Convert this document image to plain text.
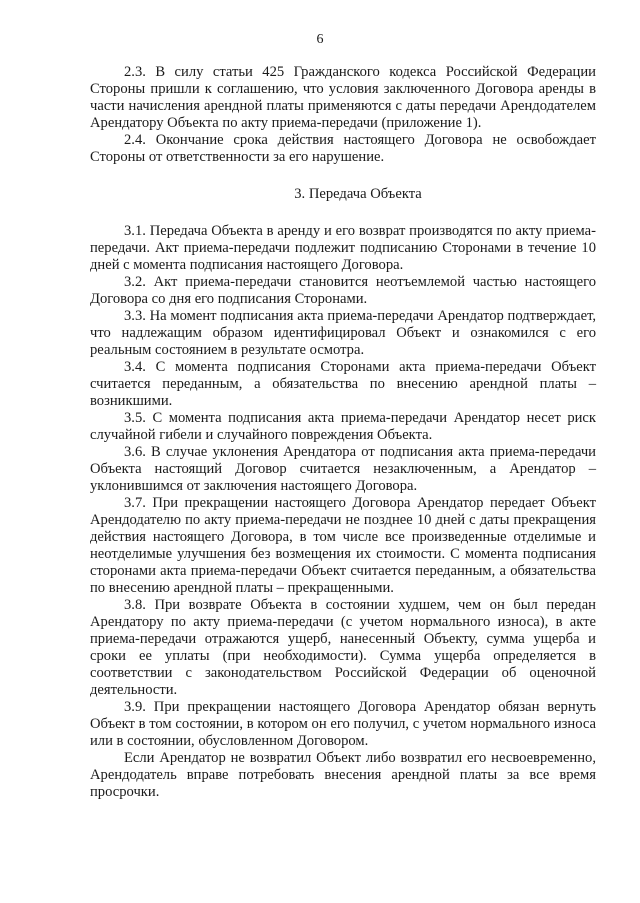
6

2.3. В силу статьи 425 Гражданского кодекса Российской Федерации Стороны пришли к соглашению, что условия заключенного Договора аренды в части начисления арендной платы применяются с даты передачи Арендодателем Арендатору Объекта по акту приема-передачи (приложение 1).

2.4. Окончание срока действия настоящего Договора не освобождает Стороны от ответственности за его нарушение.

3. Передача Объекта

3.1. Передача Объекта в аренду и его возврат производятся по акту приема-передачи. Акт приема-передачи подлежит подписанию Сторонами в течение 10 дней с момента подписания настоящего Договора.

3.2. Акт приема-передачи становится неотъемлемой частью настоящего Договора со дня его подписания Сторонами.

3.3. На момент подписания акта приема-передачи Арендатор подтверждает, что надлежащим образом идентифицировал Объект и ознакомился с его реальным состоянием в результате осмотра.

3.4. С момента подписания Сторонами акта приема-передачи Объект считается переданным, а обязательства по внесению арендной платы – возникшими.

3.5. С момента подписания акта приема-передачи Арендатор несет риск случайной гибели и случайного повреждения Объекта.

3.6. В случае уклонения Арендатора от подписания акта приема-передачи Объекта настоящий Договор считается незаключенным, а Арендатор – уклонившимся от заключения настоящего Договора.

3.7. При прекращении настоящего Договора Арендатор передает Объект Арендодателю по акту приема-передачи не позднее 10 дней с даты прекращения действия настоящего Договора, в том числе все произведенные отделимые и неотделимые улучшения без возмещения их стоимости. С момента подписания сторонами акта приема-передачи Объект считается переданным, а обязательства по внесению арендной платы – прекращенными.

3.8. При возврате Объекта в состоянии худшем, чем он был передан Арендатору по акту приема-передачи (с учетом нормального износа), в акте приема-передачи отражаются ущерб, нанесенный Объекту, сумма ущерба и сроки ее уплаты (при необходимости). Сумма ущерба определяется в соответствии с законодательством Российской Федерации об оценочной деятельности.

3.9. При прекращении настоящего Договора Арендатор обязан вернуть Объект в том состоянии, в котором он его получил, с учетом нормального износа или в состоянии, обусловленном Договором.

Если Арендатор не возвратил Объект либо возвратил его несвоевременно, Арендодатель вправе потребовать внесения арендной платы за все время просрочки.
